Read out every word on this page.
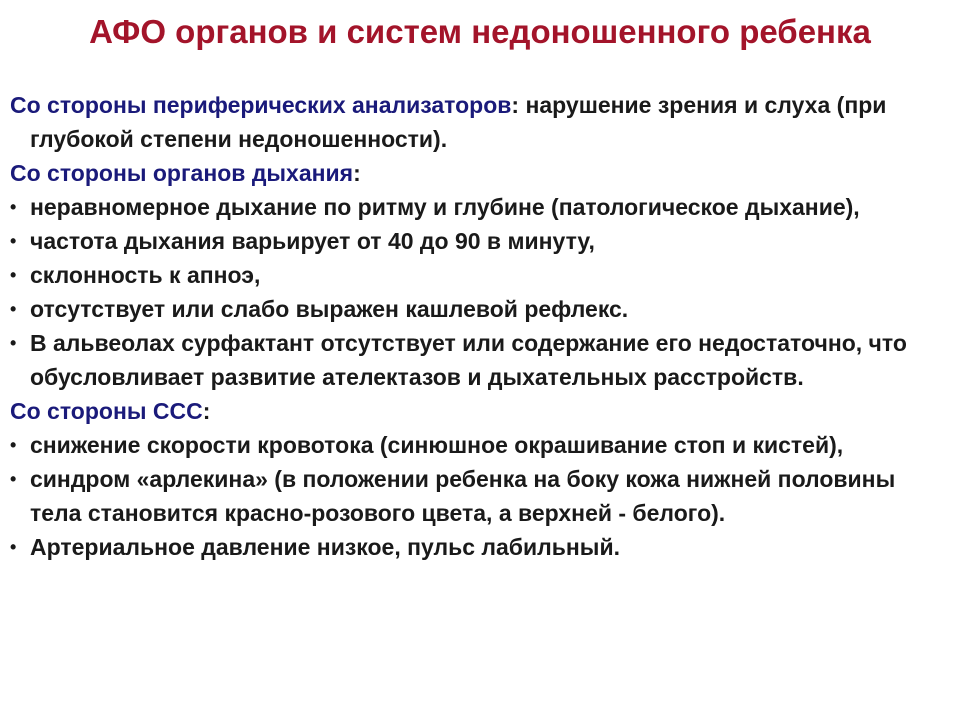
АФО органов и систем недоношенного ребенка

Со стороны периферических анализаторов: нарушение зрения и слуха (при глубокой степени недоношенности).

Со стороны органов дыхания:

• неравномерное дыхание по ритму и глубине (патологическое дыхание),

• частота дыхания варьирует от 40 до 90 в минуту,

• склонность к апноэ,

• отсутствует или слабо выражен кашлевой рефлекс.

• В альвеолах сурфактант отсутствует или содержание его недостаточно, что обусловливает развитие ателектазов и дыхательных расстройств.

Со стороны ССС:

• снижение скорости кровотока (синюшное окрашивание стоп и кистей),

• синдром «арлекина» (в положении ребенка на боку кожа нижней половины тела становится красно-розового цвета, а верхней - белого).

• Артериальное давление низкое, пульс лабильный.
